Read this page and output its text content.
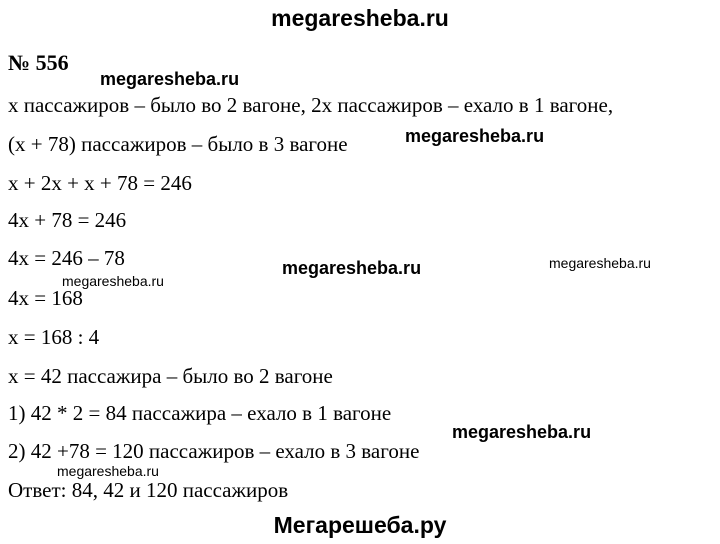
megaresheba.ru
№ 556
х пассажиров – было во 2 вагоне, 2х пассажиров – ехало в 1 вагоне,
(х + 78) пассажиров – было в 3 вагоне
х + 2х + х + 78 = 246
4х + 78 = 246
4х = 246 – 78
4х = 168
х = 168 : 4
х = 42 пассажира – было во 2 вагоне
1) 42 * 2 = 84 пассажира – ехало в 1 вагоне
2) 42 +78 = 120 пассажиров – ехало в 3 вагоне
Ответ: 84, 42 и 120 пассажиров
megaresheba.ru
megaresheba.ru
megaresheba.ru	megaresheba.ru
megaresheba.ru
megaresheba.ru
megaresheba.ru
Мегарешеба.ру
